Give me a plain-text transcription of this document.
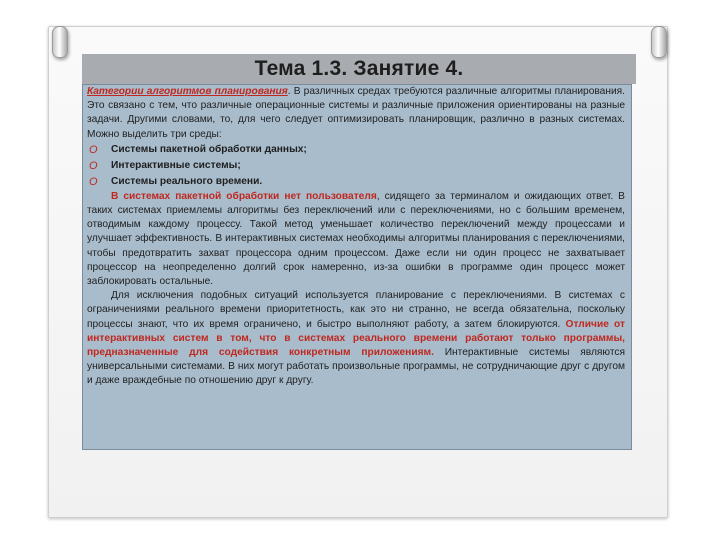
Тема 1.3. Занятие 4.

Категории алгоритмов планирования. В различных средах требуются различные алгоритмы планирования. Это связано с тем, что различные операционные системы и различные приложения ориентированы на разные задачи. Другими словами, то, для чего следует оптимизировать планировщик, различно в разных системах. Можно выделить три среды:

O Системы пакетной обработки данных;
O Интерактивные системы;
O Системы реального времени.

В системах пакетной обработки нет пользователя, сидящего за терминалом и ожидающих ответ. В таких системах приемлемы алгоритмы без переключений или с переключениями, но с большим временем, отводимым каждому процессу. Такой метод уменьшает количество переключений между процессами и улучшает эффективность. В интерактивных системах необходимы алгоритмы планирования с переключениями, чтобы предотвратить захват процессора одним процессом. Даже если ни один процесс не захватывает процессор на неопределенно долгий срок намеренно, из-за ошибки в программе один процесс может заблокировать остальные.

Для исключения подобных ситуаций используется планирование с переключениями. В системах с ограничениями реального времени приоритетность, как это ни странно, не всегда обязательна, поскольку процессы знают, что их время ограничено, и быстро выполняют работу, а затем блокируются. Отличие от интерактивных систем в том, что в системах реального времени работают только программы, предназначенные для содействия конкретным приложениям. Интерактивные системы являются универсальными системами. В них могут работать произвольные программы, не сотрудничающие друг с другом и даже враждебные по отношению друг к другу.
